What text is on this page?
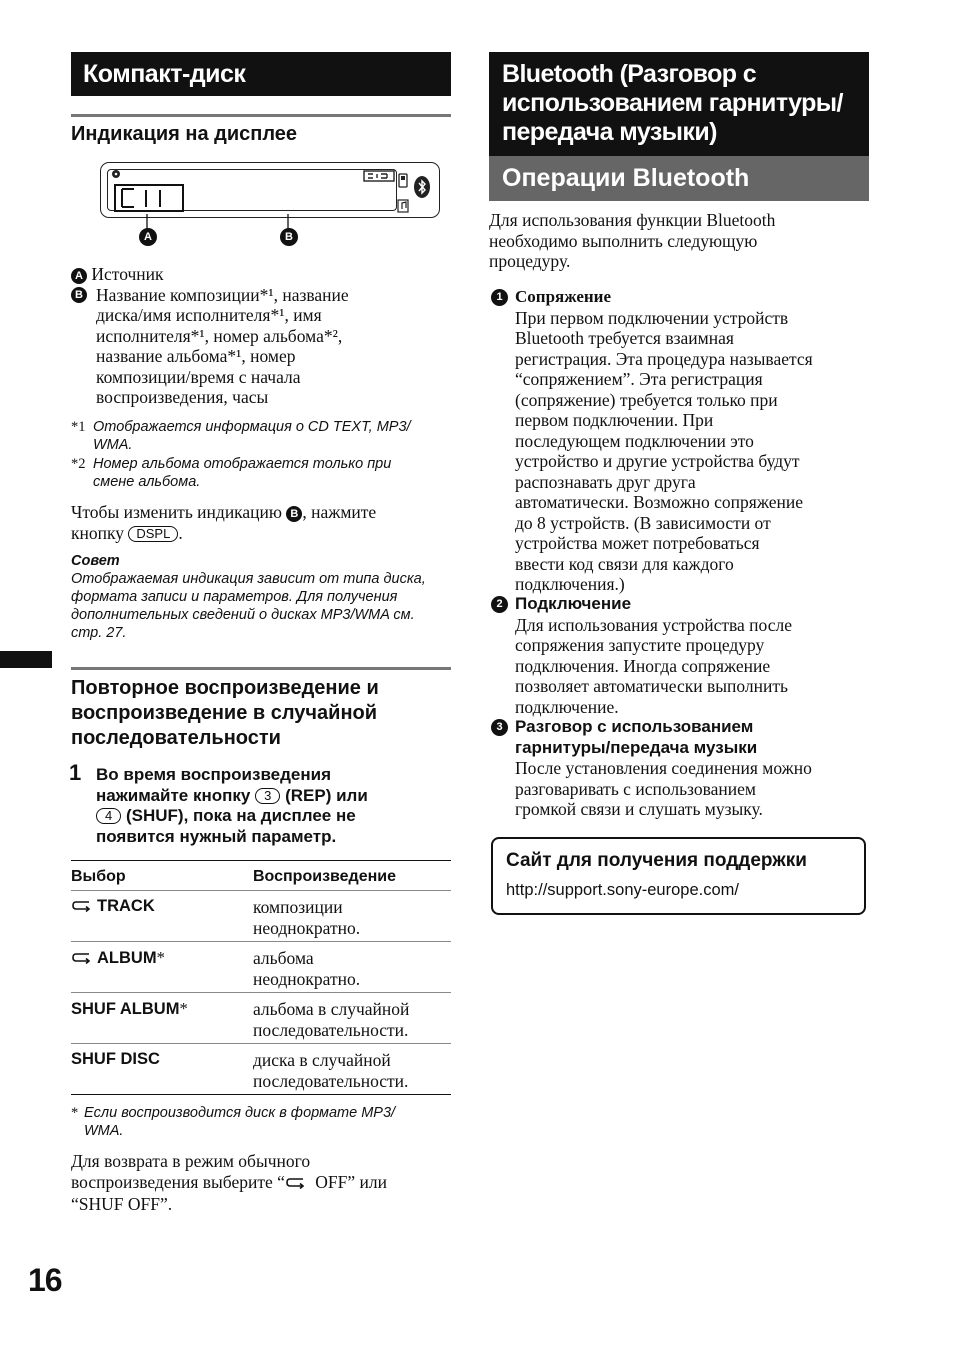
Компакт-диск
Индикация на дисплее
A	B
A Источник
B Название композиции*¹, название
диска/имя исполнителя*¹, имя
исполнителя*¹, номер альбома*²,
название альбома*¹, номер
композиции/время с начала
воспроизведения, часы
*1 Отображается информация о CD TEXT, MP3/
WMA.
*2 Номер альбома отображается только при
смене альбома.
Чтобы изменить индикацию B , нажмите
кнопку DSPL .
Совет
Отображаемая индикация зависит от типа диска,
формата записи и параметров. Для получения
дополнительных сведений о дисках MP3/WMA см.
стр. 27.
Повторное воспроизведение и
воспроизведение в случайной
последовательности
1 Во время воспроизведения
нажимайте кнопку 3 (REP) или
4 (SHUF), пока на дисплее не
появится нужный параметр.
Выбор	Воспроизведение
TRACK	композиции
неоднократно.

ALBUM*	альбома
неоднократно.

SHUF ALBUM*	альбома в случайной
последовательности.

SHUF DISC	диска в случайной
последовательности.
* Если воспроизводится диск в формате MP3/
WMA.
Для возврата в режим обычного
воспроизведения выберите “ OFF” или
“SHUF OFF”.
16
Bluetooth (Разговор с
использованием гарнитуры/
передача музыки)
Операции Bluetooth
Для использования функции Bluetooth
необходимо выполнить следующую
процедуру.
1 Сопряжение
При первом подключении устройств
Bluetooth требуется взаимная
регистрация. Эта процедура называется
“сопряжением”. Эта регистрация
(сопряжение) требуется только при
первом подключении. При
последующем подключении это
устройство и другие устройства будут
распознавать друг друга
автоматически. Возможно сопряжение
до 8 устройств. (В зависимости от
устройства может потребоваться
ввести код связи для каждого
подключения.)
2 Подключение
Для использования устройства после
сопряжения запустите процедуру
подключения. Иногда сопряжение
позволяет автоматически выполнить
подключение.
3 Разговор с использованием
гарнитуры/передача музыки
После установления соединения можно
разговаривать с использованием
громкой связи и слушать музыку.
Сайт для получения поддержки
http://support.sony-europe.com/
